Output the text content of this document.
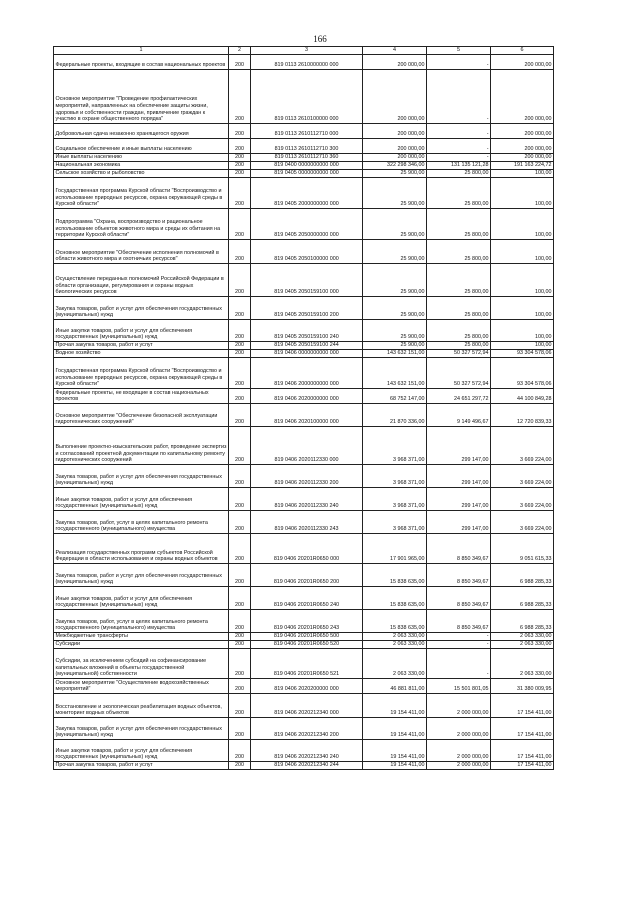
166
1	2	3	4	5	6
Федеральные проекты, входящие в состав национальных проектов	200	819 0113 2610000000 000	200 000,00	-	200 000,00
Основное мероприятие "Проведение профилактических мероприятий, направленных на обеспечение защиты жизни, здоровья и собственности граждан, привлечение граждан к участию в охране общественного порядка"	200	819 0113 2610100000 000	200 000,00	-	200 000,00
Добровольная сдача незаконно хранящегося оружия	200	819 0113 2610112710 000	200 000,00	-	200 000,00
Социальное обеспечение и иные выплаты населению	200	819 0113 2610112710 300	200 000,00	-	200 000,00
Иные выплаты населению	200	819 0113 2610112710 360	200 000,00	-	200 000,00
Национальная экономика	200	819 0400 0000000000 000	322 298 346,00	131 135 121,28	191 163 224,72
Сельское хозяйство и рыболовство	200	819 0405 0000000000 000	25 900,00	25 800,00	100,00
Государственная программа Курской области "Воспроизводство и использование природных ресурсов, охрана окружающей среды в Курской области"	200	819 0405 2000000000 000	25 900,00	25 800,00	100,00
Подпрограмма "Охрана, воспроизводство и рациональное использование объектов животного мира и среды их обитания на территории Курской области"	200	819 0405 2050000000 000	25 900,00	25 800,00	100,00
Основное мероприятие "Обеспечение исполнения полномочий в области животного мира и охотничьих ресурсов"	200	819 0405 2050100000 000	25 900,00	25 800,00	100,00
Осуществление переданных полномочий Российской Федерации в области организации, регулирования и охраны водных биологических ресурсов	200	819 0405 2050159100 000	25 900,00	25 800,00	100,00
Закупка товаров, работ и услуг для обеспечения государственных (муниципальных) нужд	200	819 0405 2050159100 200	25 900,00	25 800,00	100,00
Иные закупки товаров, работ и услуг для обеспечения государственных (муниципальных) нужд	200	819 0405 2050159100 240	25 900,00	25 800,00	100,00
Прочая закупка товаров, работ и услуг	200	819 0405 2050159100 244	25 900,00	25 800,00	100,00
Водное хозяйство	200	819 0406 0000000000 000	143 632 151,00	50 327 572,94	93 304 578,06
Государственная программа Курской области "Воспроизводство и использование природных ресурсов, охрана окружающей среды в Курской области"	200	819 0406 2000000000 000	143 632 151,00	50 327 572,94	93 304 578,06
Федеральные проекты, не входящие в состав национальных проектов	200	819 0406 2020000000 000	68 752 147,00	24 651 297,72	44 100 849,28
Основное мероприятие "Обеспечение безопасной эксплуатации гидротехнических сооружений"	200	819 0406 2020100000 000	21 870 336,00	9 149 496,67	12 720 839,33
Выполнение проектно-изыскательских работ, проведение экспертиз и согласований проектной документации по капитальному ремонту гидротехнических сооружений	200	819 0406 2020112330 000	3 968 371,00	299 147,00	3 669 224,00
Закупка товаров, работ и услуг для обеспечения государственных (муниципальных) нужд	200	819 0406 2020112330 200	3 968 371,00	299 147,00	3 669 224,00
Иные закупки товаров, работ и услуг для обеспечения государственных (муниципальных) нужд	200	819 0406 2020112330 240	3 968 371,00	299 147,00	3 669 224,00
Закупка товаров, работ, услуг в целях капитального ремонта государственного (муниципального) имущества	200	819 0406 2020112330 243	3 968 371,00	299 147,00	3 669 224,00
Реализация государственных программ субъектов Российской Федерации в области использования и охраны водных объектов	200	819 0406 20201R0650 000	17 901 965,00	8 850 349,67	9 051 615,33
Закупка товаров, работ и услуг для обеспечения государственных (муниципальных) нужд	200	819 0406 20201R0650 200	15 838 635,00	8 850 349,67	6 988 285,33
Иные закупки товаров, работ и услуг для обеспечения государственных (муниципальных) нужд	200	819 0406 20201R0650 240	15 838 635,00	8 850 349,67	6 988 285,33
Закупка товаров, работ, услуг в целях капитального ремонта государственного (муниципального) имущества	200	819 0406 20201R0650 243	15 838 635,00	8 850 349,67	6 988 285,33
Межбюджетные трансферты	200	819 0406 20201R0650 500	2 063 330,00	-	2 063 330,00
Субсидии	200	819 0406 20201R0650 520	2 063 330,00	-	2 063 330,00
Субсидии, за исключением субсидий на софинансирование капитальных вложений в объекты государственной (муниципальной) собственности	200	819 0406 20201R0650 521	2 063 330,00	-	2 063 330,00
Основное мероприятие "Осуществление водохозяйственных мероприятий"	200	819 0406 2020200000 000	46 881 811,00	15 501 801,05	31 380 009,95
Восстановление и экологическая реабилитация водных объектов, мониторинг водных объектов	200	819 0406 2020212340 000	19 154 411,00	2 000 000,00	17 154 411,00
Закупка товаров, работ и услуг для обеспечения государственных (муниципальных) нужд	200	819 0406 2020212340 200	19 154 411,00	2 000 000,00	17 154 411,00
Иные закупки товаров, работ и услуг для обеспечения государственных (муниципальных) нужд	200	819 0406 2020212340 240	19 154 411,00	2 000 000,00	17 154 411,00
Прочая закупка товаров, работ и услуг	200	819 0406 2020212340 244	19 154 411,00	2 000 000,00	17 154 411,00
